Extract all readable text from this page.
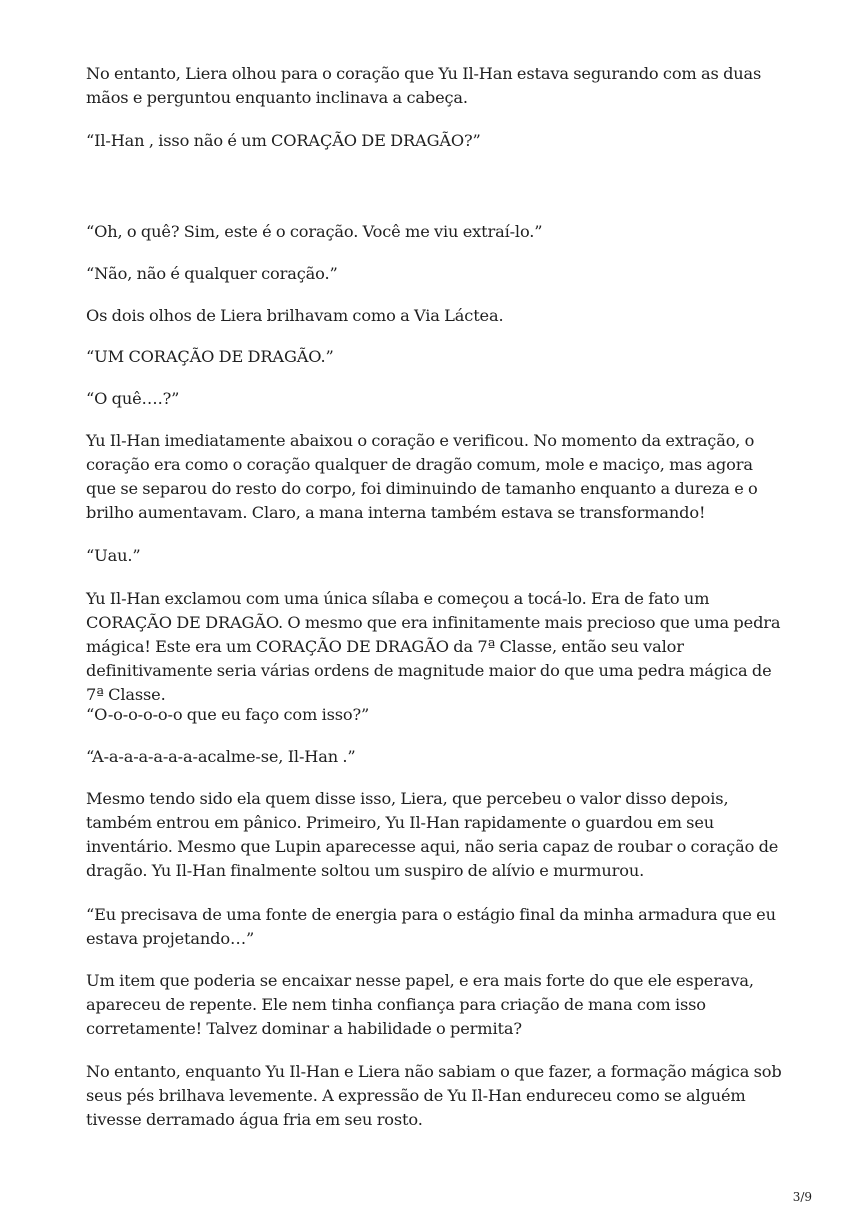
No entanto, Liera olhou para o coração que Yu Il-Han estava segurando com as duas mãos e perguntou enquanto inclinava a cabeça.

“Il-Han , isso não é um CORAÇÃO DE DRAGÃO?”

“Oh, o quê? Sim, este é o coração. Você me viu extraí-lo.”

“Não, não é qualquer coração.”

Os dois olhos de Liera brilhavam como a Via Láctea.

“UM CORAÇÃO DE DRAGÃO.”

“O quê….?”

Yu Il-Han imediatamente abaixou o coração e verificou. No momento da extração, o coração era como o coração qualquer de dragão comum, mole e maciço, mas agora que se separou do resto do corpo, foi diminuindo de tamanho enquanto a dureza e o brilho aumentavam. Claro, a mana interna também estava se transformando!

“Uau.”

Yu Il-Han exclamou com uma única sílaba e começou a tocá-lo. Era de fato um CORAÇÃO DE DRAGÃO. O mesmo que era infinitamente mais precioso que uma pedra mágica! Este era um CORAÇÃO DE DRAGÃO da 7ª Classe, então seu valor definitivamente seria várias ordens de magnitude maior do que uma pedra mágica de 7ª Classe.

“O-o-o-o-o-o que eu faço com isso?”

“A-a-a-a-a-a-a-acalme-se, Il-Han .”

Mesmo tendo sido ela quem disse isso, Liera, que percebeu o valor disso depois, também entrou em pânico. Primeiro, Yu Il-Han rapidamente o guardou em seu inventário. Mesmo que Lupin aparecesse aqui, não seria capaz de roubar o coração de dragão. Yu Il-Han finalmente soltou um suspiro de alívio e murmurou.

“Eu precisava de uma fonte de energia para o estágio final da minha armadura que eu estava projetando…”

Um item que poderia se encaixar nesse papel, e era mais forte do que ele esperava, apareceu de repente. Ele nem tinha confiança para criação de mana com isso corretamente! Talvez dominar a habilidade o permita?

No entanto, enquanto Yu Il-Han e Liera não sabiam o que fazer, a formação mágica sob seus pés brilhava levemente. A expressão de Yu Il-Han endureceu como se alguém tivesse derramado água fria em seu rosto.

3/9
